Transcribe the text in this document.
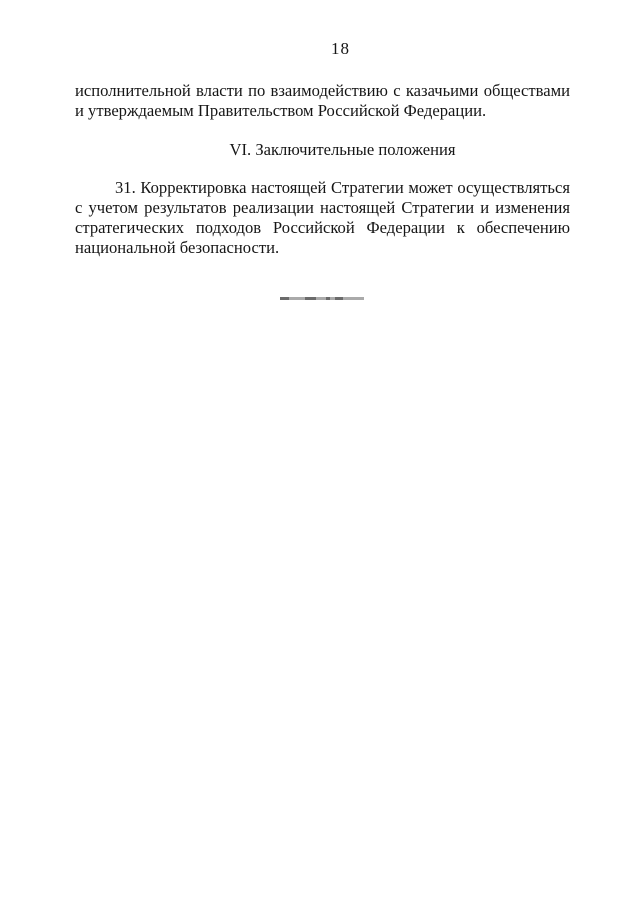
18

исполнительной власти по взаимодействию с казачьими обществами
и утверждаемым Правительством Российской Федерации.

VI. Заключительные положения

31. Корректировка настоящей Стратегии может осуществляться
с учетом результатов реализации настоящей Стратегии и изменения
стратегических подходов Российской Федерации к обеспечению
национальной безопасности.
